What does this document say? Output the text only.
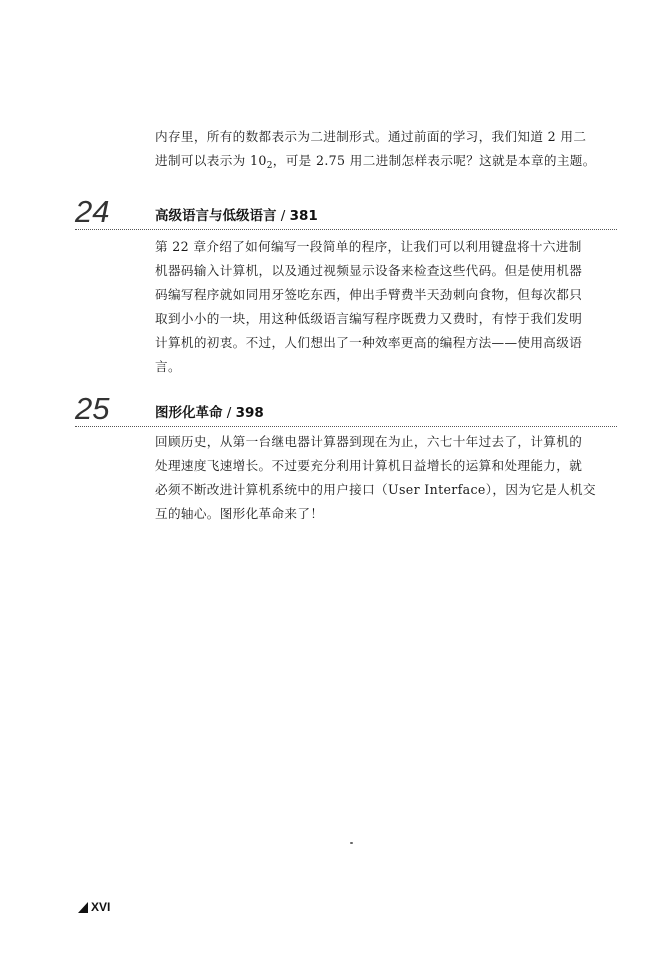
内存里，所有的数都表示为二进制形式。通过前面的学习，我们知道 2 用二
进制可以表示为 $10_2$，可是 2.75 用二进制怎样表示呢？这就是本章的主题。
24	高级语言与低级语言 / 381
第 22 章介绍了如何编写一段简单的程序，让我们可以利用键盘将十六进制
机器码输入计算机，以及通过视频显示设备来检查这些代码。但是使用机器
码编写程序就如同用牙签吃东西，伸出手臂费半天劲刺向食物，但每次都只
取到小小的一块，用这种低级语言编写程序既费力又费时，有悖于我们发明
计算机的初衷。不过，人们想出了一种效率更高的编程方法——使用高级语
言。
25	图形化革命 / 398
回顾历史，从第一台继电器计算器到现在为止，六七十年过去了，计算机的
处理速度飞速增长。不过要充分利用计算机日益增长的运算和处理能力，就
必须不断改进计算机系统中的用户接口（User Interface），因为它是人机交
互的轴心。图形化革命来了！
XVI
